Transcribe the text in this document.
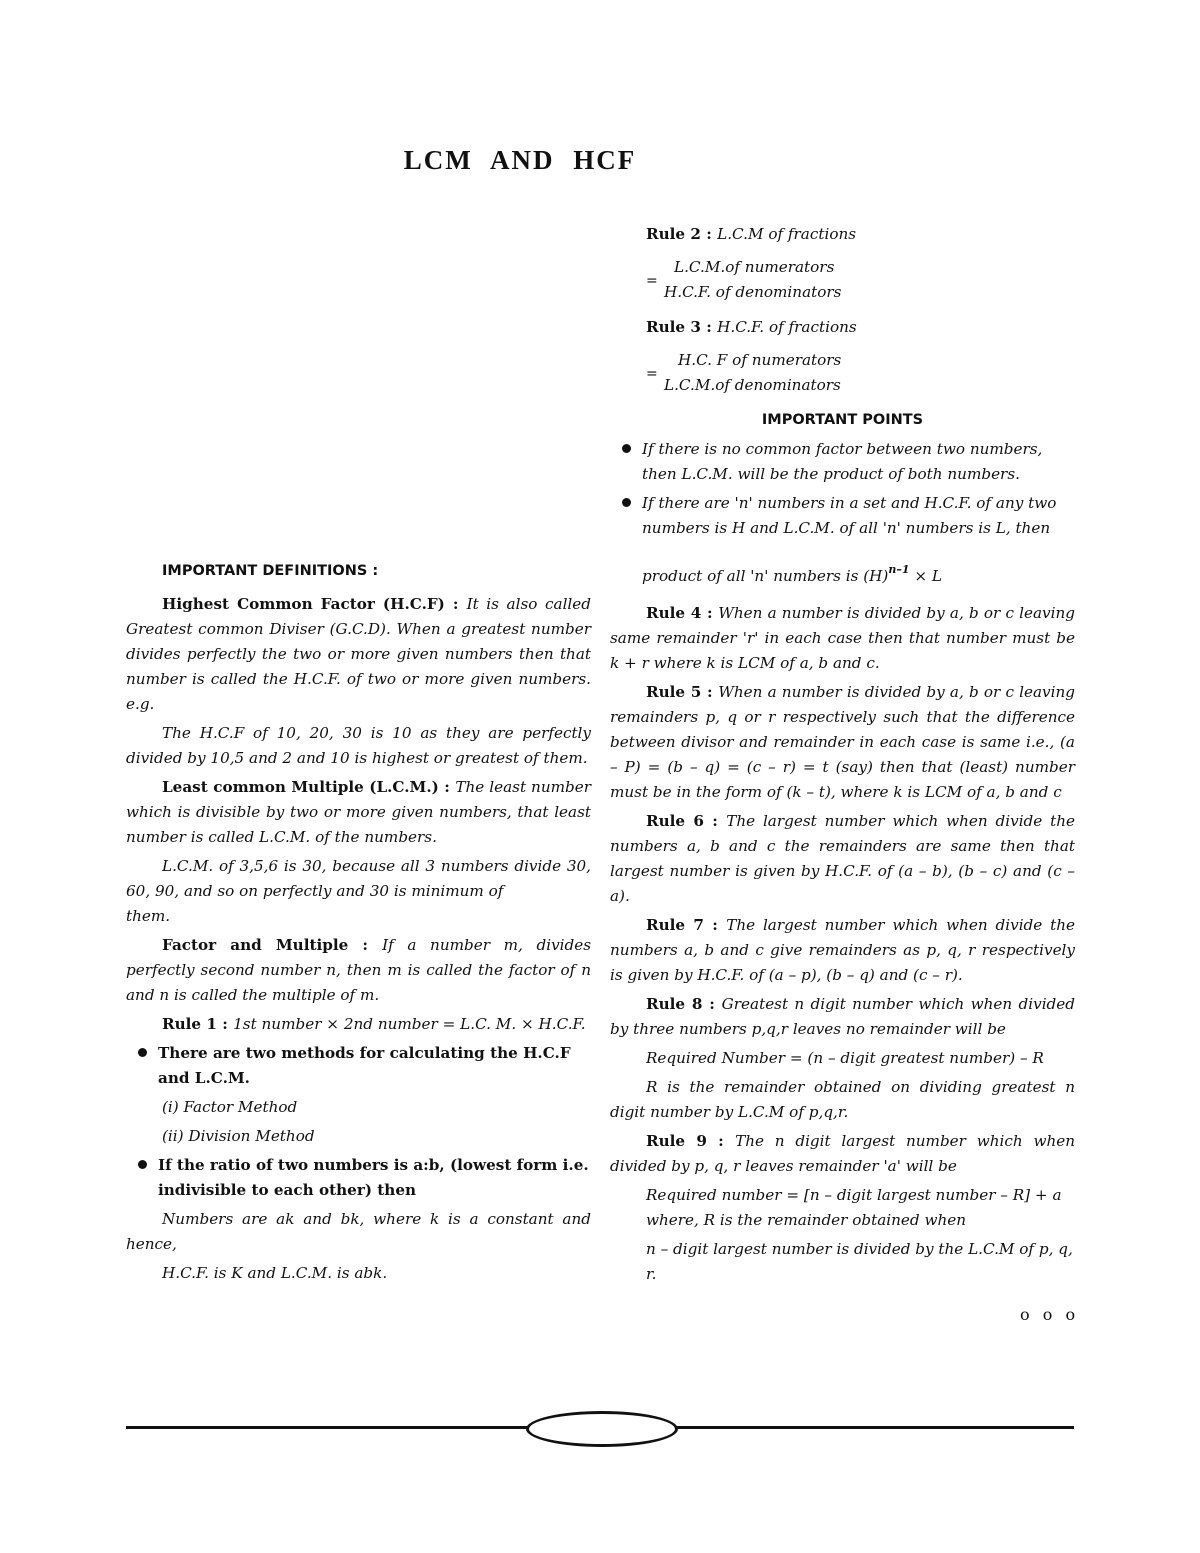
LCM AND HCF

IMPORTANT DEFINITIONS :

Highest Common Factor (H.C.F) : It is also called Greatest common Diviser (G.C.D). When a greatest number divides perfectly the two or more given numbers then that number is called the H.C.F. of two or more given numbers. e.g.

The H.C.F of 10, 20, 30 is 10 as they are perfectly divided by 10,5 and 2 and 10 is highest or greatest of them.

Least common Multiple (L.C.M.) : The least number which is divisible by two or more given numbers, that least number is called L.C.M. of the numbers.

L.C.M. of 3,5,6 is 30, because all 3 numbers divide 30, 60, 90, and so on perfectly and 30 is minimum of

them.

Factor and Multiple : If a number m, divides perfectly second number n, then m is called the factor of n and n is called the multiple of m.

Rule 1 : 1st number × 2nd number = L.C. M. × H.C.F.

There are two methods for calculating the H.C.F and L.C.M.

(i) Factor Method

(ii) Division Method

If the ratio of two numbers is a:b, (lowest form i.e. indivisible to each other) then

Numbers are ak and bk, where k is a constant and hence,

H.C.F. is K and L.C.M. is abk.

Rule 2 : L.C.M of fractions

L.C.M.of numerators
=
H.C.F. of denominators

Rule 3 : H.C.F. of fractions

H.C. F of numerators
=
L.C.M.of denominators

IMPORTANT POINTS

If there is no common factor between two numbers, then L.C.M. will be the product of both numbers.

If there are 'n' numbers in a set and H.C.F. of any two numbers is H and L.C.M. of all 'n' numbers is L, then

product of all 'n' numbers is $(H)^{n-1} \times L$

Rule 4 : When a number is divided by a, b or c leaving same remainder 'r' in each case then that number must be k + r where k is LCM of a, b and c.

Rule 5 : When a number is divided by a, b or c leaving remainders p, q or r respectively such that the difference between divisor and remainder in each case is same i.e., (a – P) = (b – q) = (c – r) = t (say) then that (least) number must be in the form of (k – t), where k is LCM of a, b and c

Rule 6 : The largest number which when divide the numbers a, b and c the remainders are same then that largest number is given by H.C.F. of (a – b), (b – c) and (c – a).

Rule 7 : The largest number which when divide the numbers a, b and c give remainders as p, q, r respectively is given by H.C.F. of (a – p), (b – q) and (c – r).

Rule 8 : Greatest n digit number which when divided by three numbers p,q,r leaves no remainder will be

Required Number = (n – digit greatest number) – R

R is the remainder obtained on dividing greatest n digit number by L.C.M of p,q,r.

Rule 9 : The n digit largest number which when divided by p, q, r leaves remainder 'a' will be

Required number = [n – digit largest number – R] + a

where, R is the remainder obtained when

n – digit largest number is divided by the L.C.M of p, q, r.

o o o
